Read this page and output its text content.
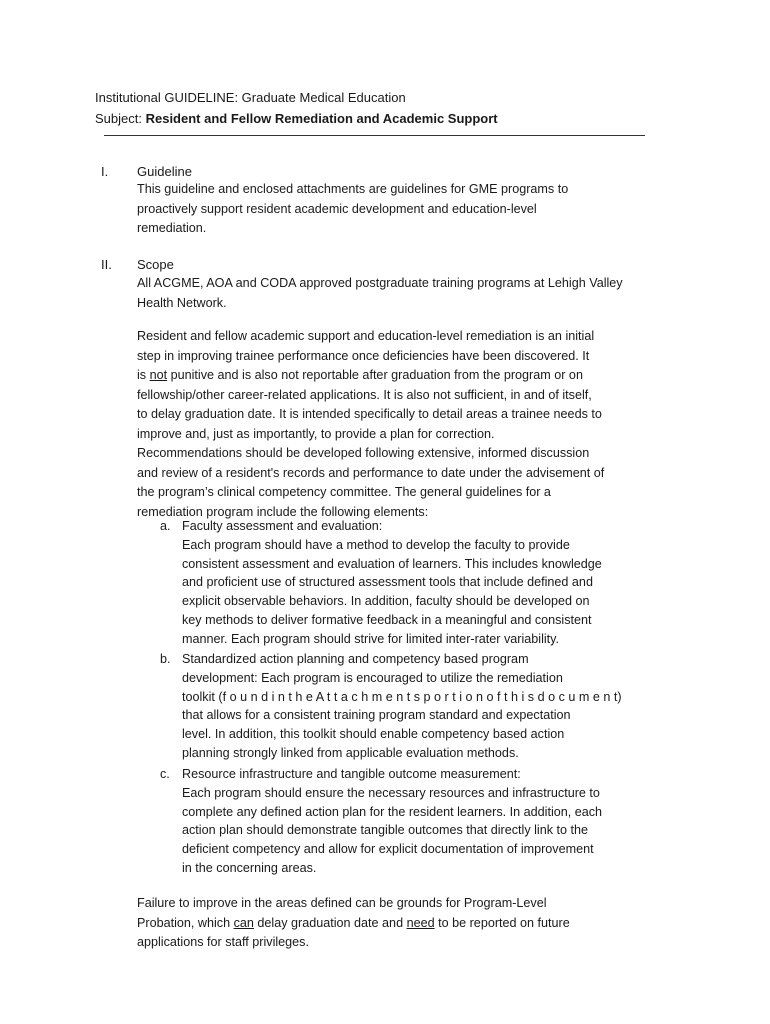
Institutional GUIDELINE: Graduate Medical Education
Subject: Resident and Fellow Remediation and Academic Support
I. Guideline
This guideline and enclosed attachments are guidelines for GME programs to
proactively support resident academic development and education-level
remediation.
II. Scope
All ACGME, AOA and CODA approved postgraduate training programs at Lehigh Valley
Health Network.
Resident and fellow academic support and education-level remediation is an initial
step in improving trainee performance once deficiencies have been discovered. It
is not punitive and is also not reportable after graduation from the program or on
fellowship/other career-related applications. It is also not sufficient, in and of itself,
to delay graduation date. It is intended specifically to detail areas a trainee needs to
improve and, just as importantly, to provide a plan for correction.
Recommendations should be developed following extensive, informed discussion
and review of a resident's records and performance to date under the advisement of
the program’s clinical competency committee. The general guidelines for a
remediation program include the following elements:
a. Faculty assessment and evaluation:
Each program should have a method to develop the faculty to provide
consistent assessment and evaluation of learners. This includes knowledge
and proficient use of structured assessment tools that include defined and
explicit observable behaviors. In addition, faculty should be developed on
key methods to deliver formative feedback in a meaningful and consistent
manner. Each program should strive for limited inter-rater variability.
b. Standardized action planning and competency based program
development: Each program is encouraged to utilize the remediation
toolkit (f o u n d i n t h e A t t a c h m e n t s p o r t i o n o f t h i s d o c u m e n t)
that allows for a consistent training program standard and expectation
level. In addition, this toolkit should enable competency based action
planning strongly linked from applicable evaluation methods.
c. Resource infrastructure and tangible outcome measurement:
Each program should ensure the necessary resources and infrastructure to
complete any defined action plan for the resident learners. In addition, each
action plan should demonstrate tangible outcomes that directly link to the
deficient competency and allow for explicit documentation of improvement
in the concerning areas.
Failure to improve in the areas defined can be grounds for Program-Level
Probation, which can delay graduation date and need to be reported on future
applications for staff privileges.
